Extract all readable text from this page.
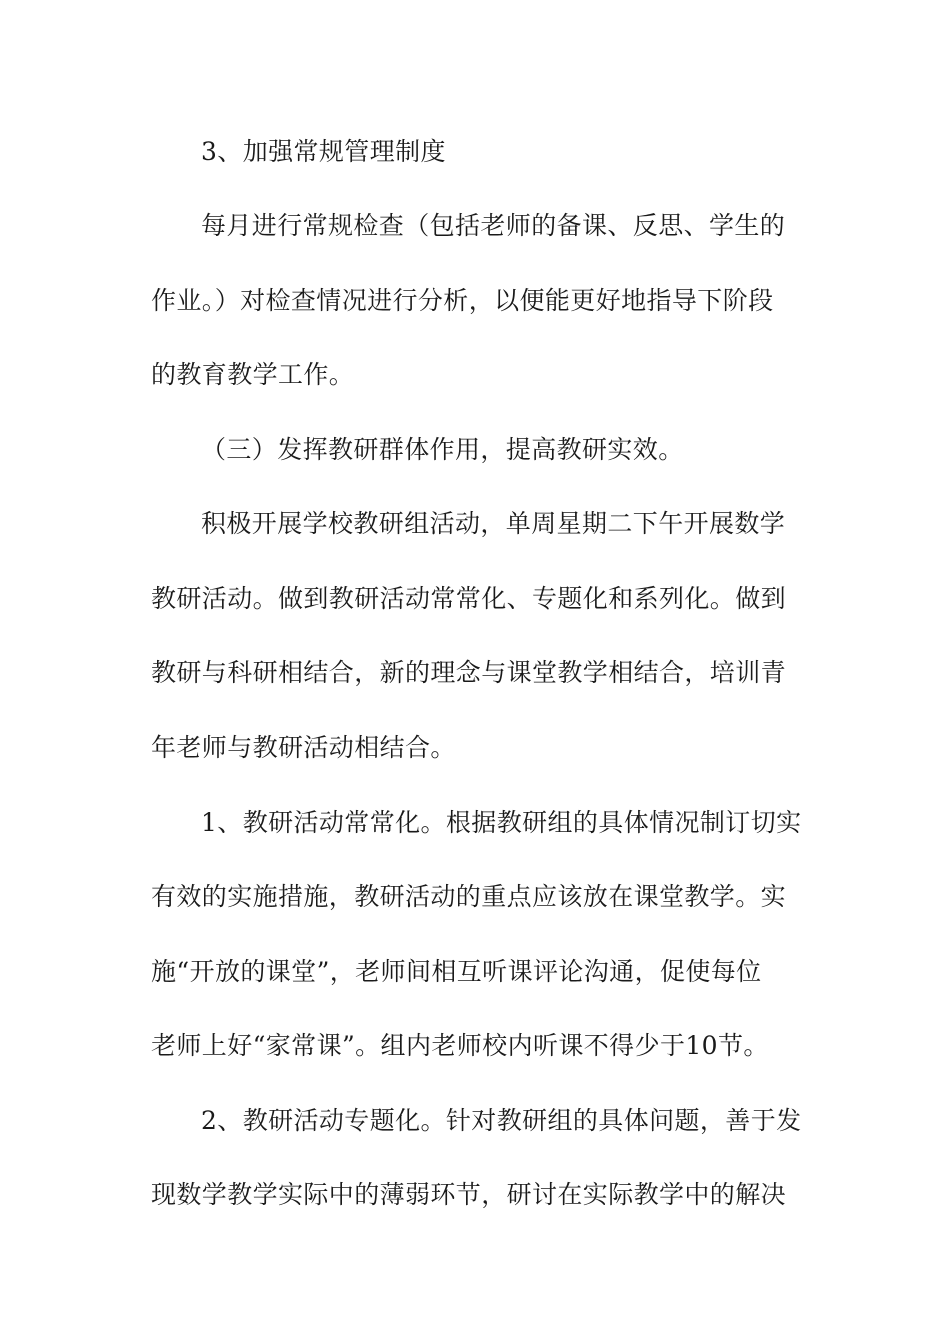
3、加强常规管理制度
每月进行常规检查（包括老师的备课、反思、学生的
作业。）对检查情况进行分析，以便能更好地指导下阶段
的教育教学工作。
（三）发挥教研群体作用，提高教研实效。
积极开展学校教研组活动，单周星期二下午开展数学
教研活动。做到教研活动常常化、专题化和系列化。做到
教研与科研相结合，新的理念与课堂教学相结合，培训青
年老师与教研活动相结合。
1、教研活动常常化。根据教研组的具体情况制订切实
有效的实施措施，教研活动的重点应该放在课堂教学。实
施“开放的课堂”，老师间相互听课评论沟通，促使每位
老师上好“家常课”。组内老师校内听课不得少于10节。
2、教研活动专题化。针对教研组的具体问题，善于发
现数学教学实际中的薄弱环节，研讨在实际教学中的解决
